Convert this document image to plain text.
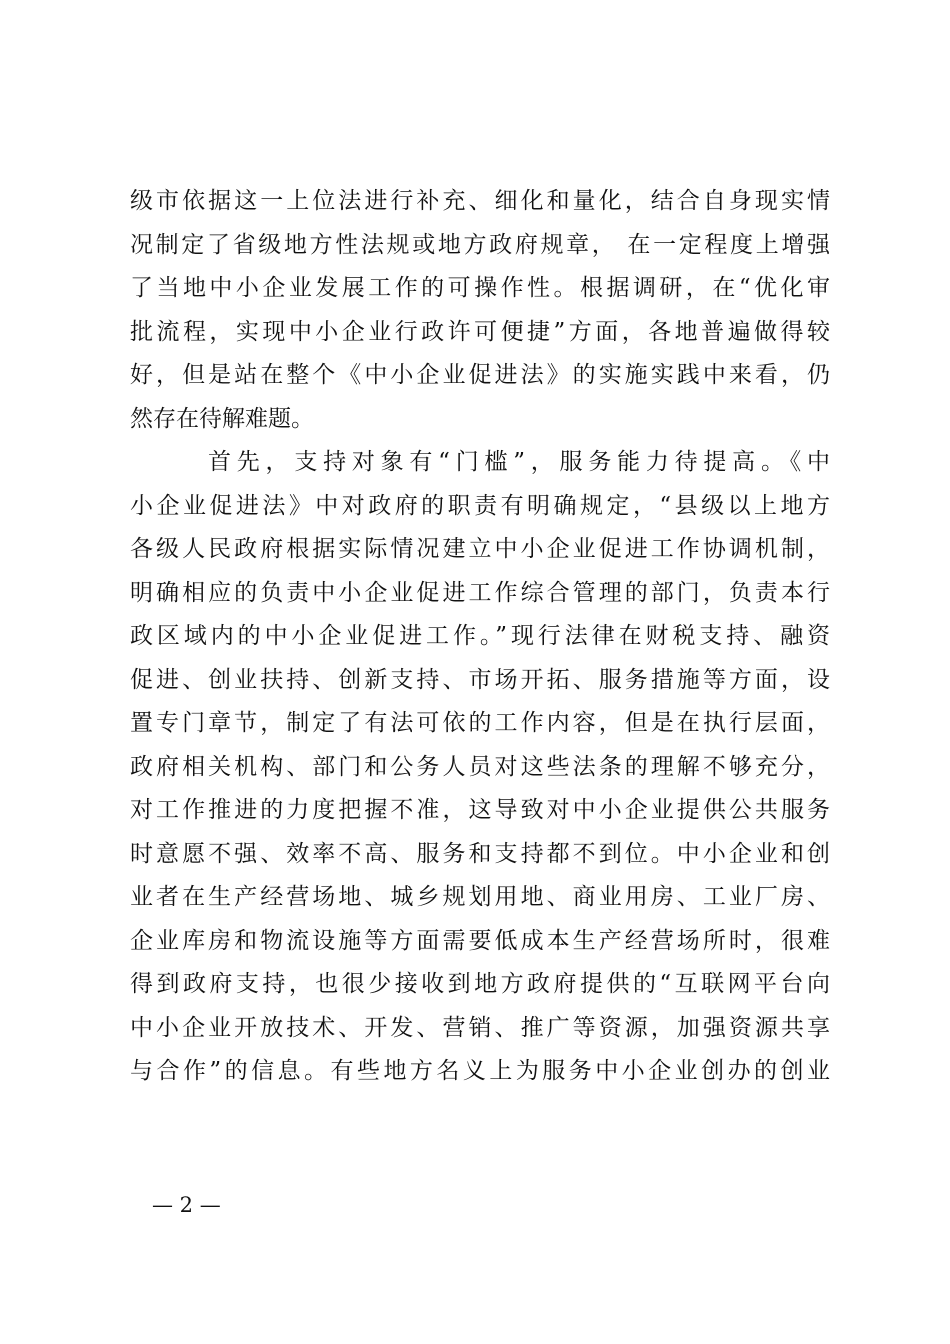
级市依据这一上位法进行补充、细化和量化，结合自身现实情
况制定了省级地方性法规或地方政府规章， 在一定程度上增强
了当地中小企业发展工作的可操作性。根据调研，在“优化审
批流程，实现中小企业行政许可便捷”方面，各地普遍做得较
好，但是站在整个《中小企业促进法》的实施实践中来看，仍
然存在待解难题。
首先，支持对象有“门槛”，服务能力待提高。《中
小企业促进法》中对政府的职责有明确规定，“县级以上地方
各级人民政府根据实际情况建立中小企业促进工作协调机制，
明确相应的负责中小企业促进工作综合管理的部门，负责本行
政区域内的中小企业促进工作。”现行法律在财税支持、融资
促进、创业扶持、创新支持、市场开拓、服务措施等方面，设
置专门章节，制定了有法可依的工作内容，但是在执行层面，
政府相关机构、部门和公务人员对这些法条的理解不够充分，
对工作推进的力度把握不准，这导致对中小企业提供公共服务
时意愿不强、效率不高、服务和支持都不到位。中小企业和创
业者在生产经营场地、城乡规划用地、商业用房、工业厂房、
企业库房和物流设施等方面需要低成本生产经营场所时，很难
得到政府支持，也很少接收到地方政府提供的“互联网平台向
中小企业开放技术、开发、营销、推广等资源，加强资源共享
与合作”的信息。有些地方名义上为服务中小企业创办的创业
— 2 —
